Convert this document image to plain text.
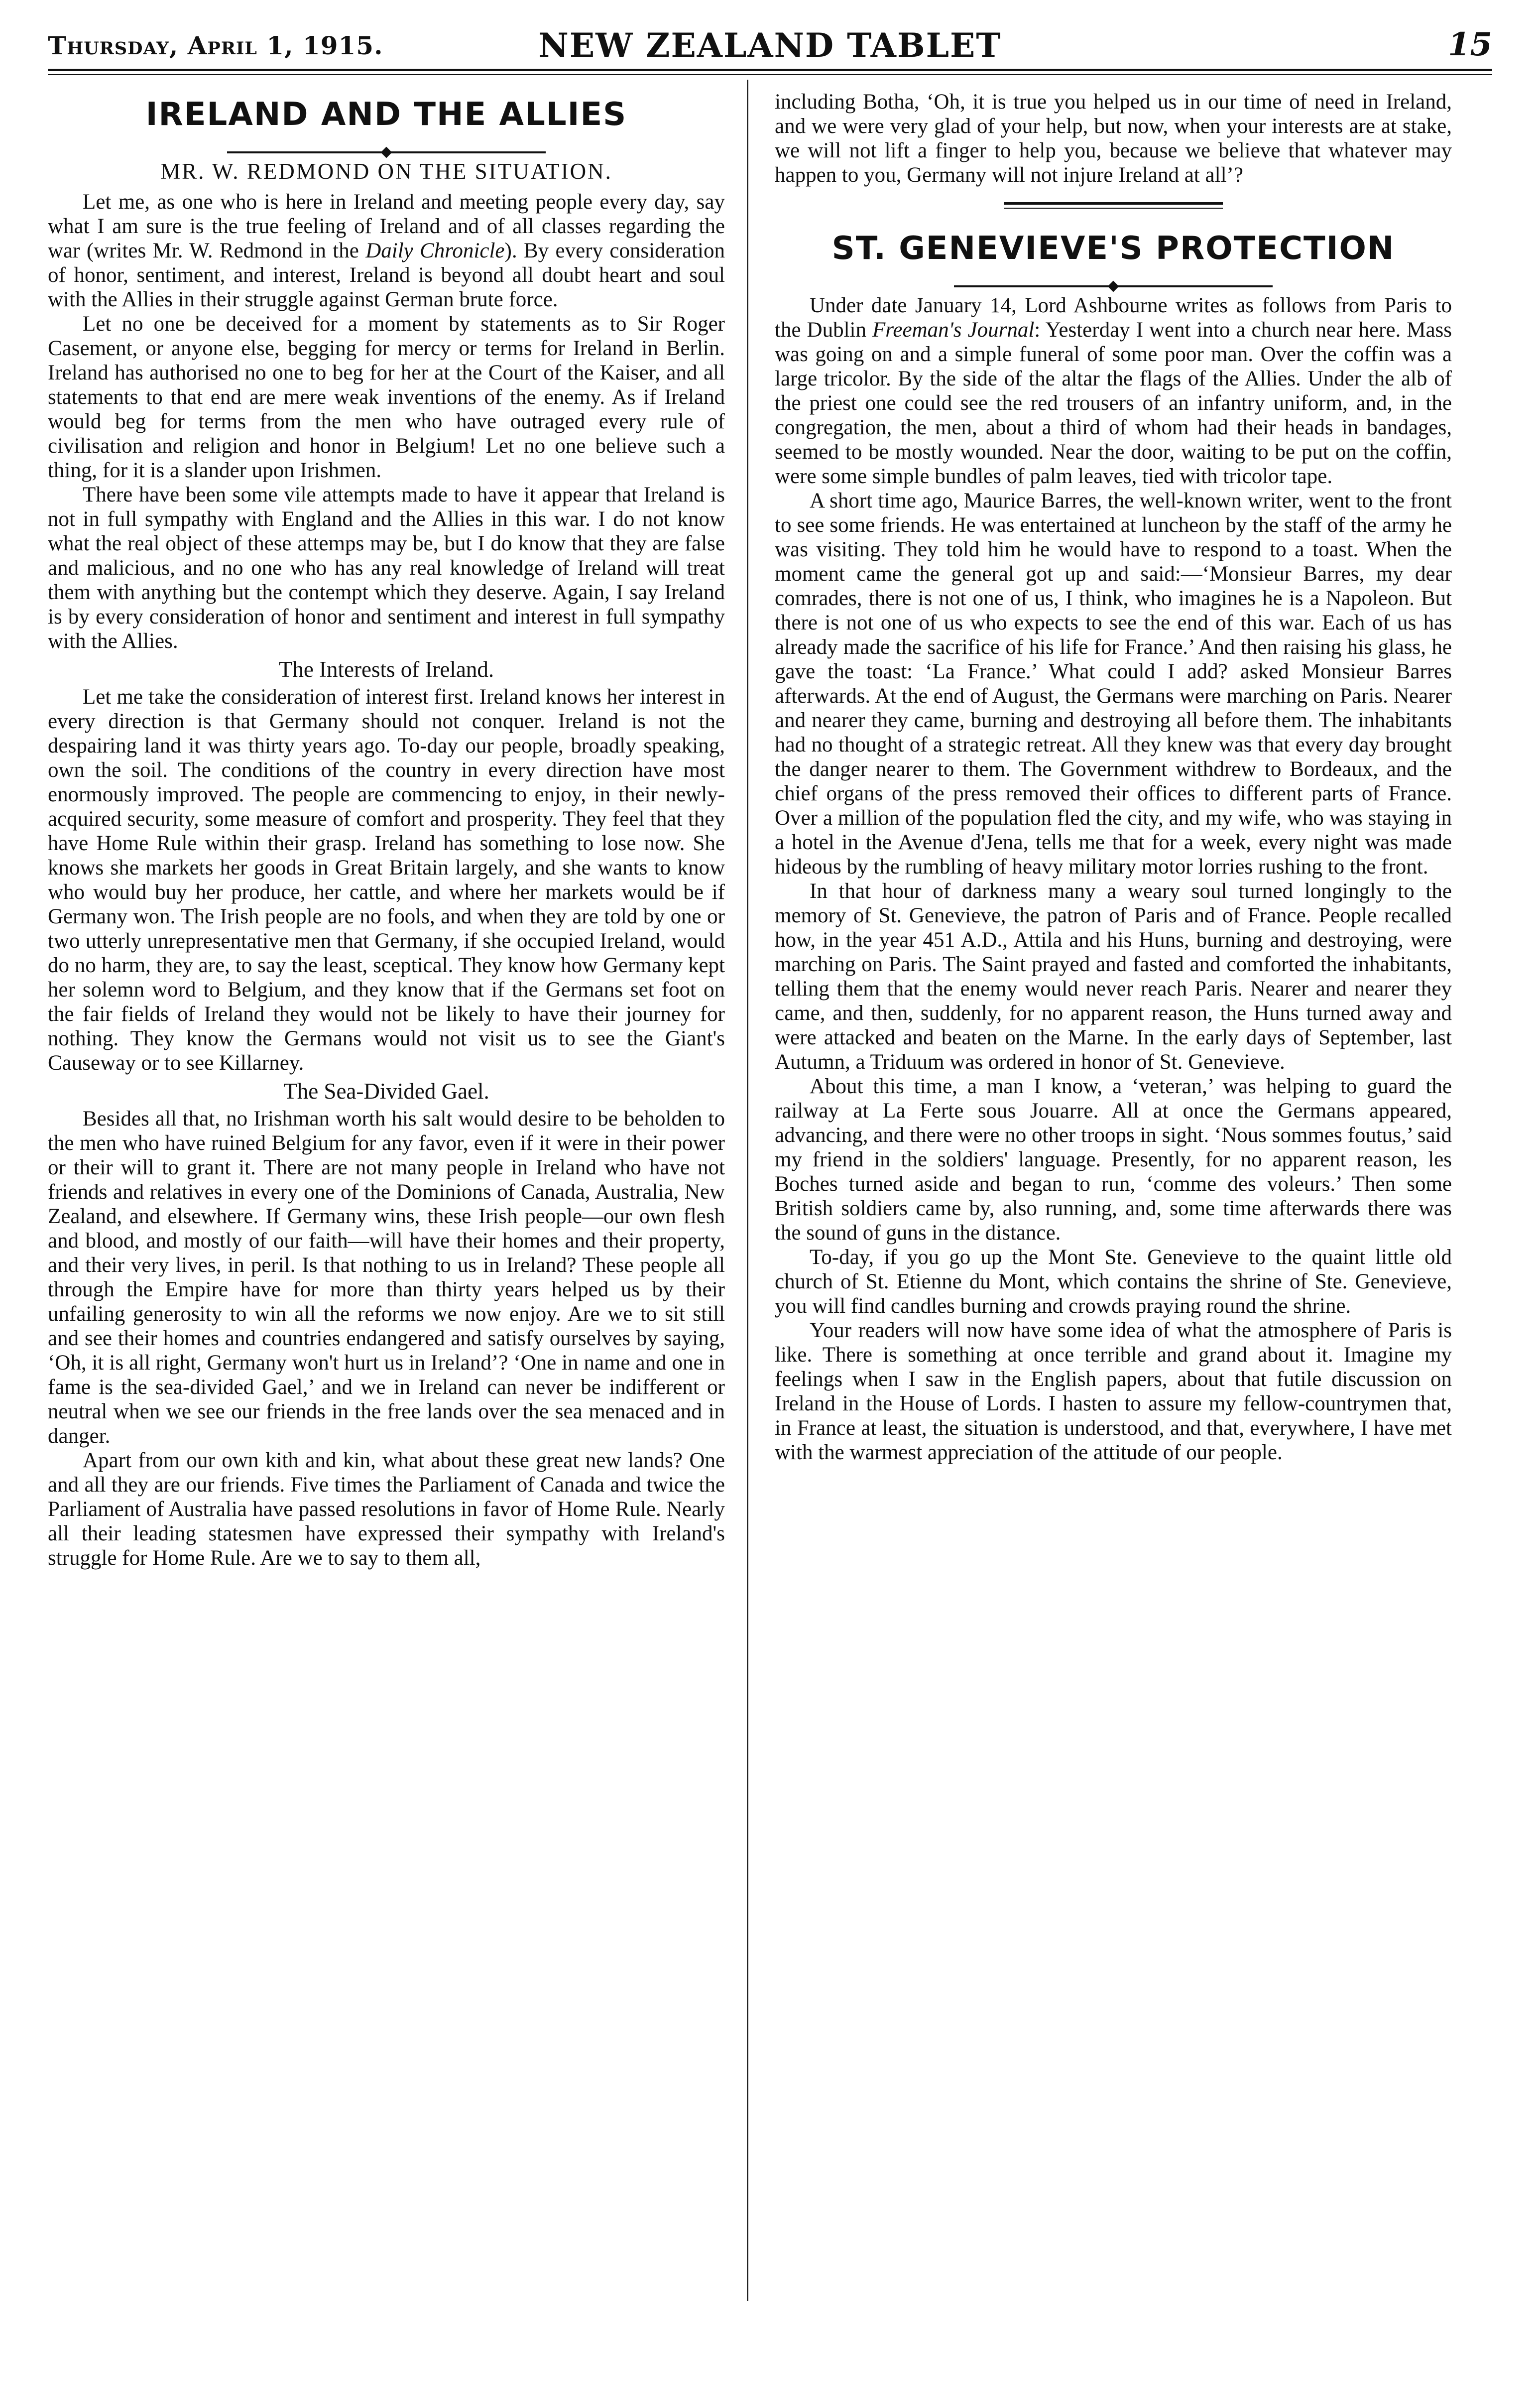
Thursday, April 1, 1915.	NEW ZEALAND TABLET	15
IRELAND AND THE ALLIES
MR. W. REDMOND ON THE SITUATION.

Let me, as one who is here in Ireland and meeting people every day, say what I am sure is the true feeling of Ireland and of all classes regarding the war (writes Mr. W. Redmond in the Daily Chronicle). By every consideration of honor, sentiment, and interest, Ireland is beyond all doubt heart and soul with the Allies in their struggle against German brute force.

Let no one be deceived for a moment by statements as to Sir Roger Casement, or anyone else, begging for mercy or terms for Ireland in Berlin. Ireland has authorised no one to beg for her at the Court of the Kaiser, and all statements to that end are mere weak inventions of the enemy. As if Ireland would beg for terms from the men who have outraged every rule of civilisation and religion and honor in Belgium! Let no one believe such a thing, for it is a slander upon Irishmen.

There have been some vile attempts made to have it appear that Ireland is not in full sympathy with England and the Allies in this war. I do not know what the real object of these attemps may be, but I do know that they are false and malicious, and no one who has any real knowledge of Ireland will treat them with anything but the contempt which they deserve. Again, I say Ireland is by every consideration of honor and sentiment and interest in full sympathy with the Allies.

The Interests of Ireland.

Let me take the consideration of interest first. Ireland knows her interest in every direction is that Germany should not conquer. Ireland is not the despairing land it was thirty years ago. To-day our people, broadly speaking, own the soil. The conditions of the country in every direction have most enormously improved. The people are commencing to enjoy, in their newly-acquired security, some measure of comfort and prosperity. They feel that they have Home Rule within their grasp. Ireland has something to lose now. She knows she markets her goods in Great Britain largely, and she wants to know who would buy her produce, her cattle, and where her markets would be if Germany won. The Irish people are no fools, and when they are told by one or two utterly unrepresentative men that Germany, if she occupied Ireland, would do no harm, they are, to say the least, sceptical. They know how Germany kept her solemn word to Belgium, and they know that if the Germans set foot on the fair fields of Ireland they would not be likely to have their journey for nothing. They know the Germans would not visit us to see the Giant's Causeway or to see Killarney.

The Sea-Divided Gael.

Besides all that, no Irishman worth his salt would desire to be beholden to the men who have ruined Belgium for any favor, even if it were in their power or their will to grant it. There are not many people in Ireland who have not friends and relatives in every one of the Dominions of Canada, Australia, New Zealand, and elsewhere. If Germany wins, these Irish people—our own flesh and blood, and mostly of our faith—will have their homes and their property, and their very lives, in peril. Is that nothing to us in Ireland? These people all through the Empire have for more than thirty years helped us by their unfailing generosity to win all the reforms we now enjoy. Are we to sit still and see their homes and countries endangered and satisfy ourselves by saying, ‘Oh, it is all right, Germany won't hurt us in Ireland’? ‘One in name and one in fame is the sea-divided Gael,’ and we in Ireland can never be indifferent or neutral when we see our friends in the free lands over the sea menaced and in danger.

Apart from our own kith and kin, what about these great new lands? One and all they are our friends. Five times the Parliament of Canada and twice the Parliament of Australia have passed resolutions in favor of Home Rule. Nearly all their leading statesmen have expressed their sympathy with Ireland's struggle for Home Rule. Are we to say to them all,

including Botha, ‘Oh, it is true you helped us in our time of need in Ireland, and we were very glad of your help, but now, when your interests are at stake, we will not lift a finger to help you, because we believe that whatever may happen to you, Germany will not injure Ireland at all’?

ST. GENEVIEVE'S PROTECTION

Under date January 14, Lord Ashbourne writes as follows from Paris to the Dublin Freeman's Journal: Yesterday I went into a church near here. Mass was going on and a simple funeral of some poor man. Over the coffin was a large tricolor. By the side of the altar the flags of the Allies. Under the alb of the priest one could see the red trousers of an infantry uniform, and, in the congregation, the men, about a third of whom had their heads in bandages, seemed to be mostly wounded. Near the door, waiting to be put on the coffin, were some simple bundles of palm leaves, tied with tricolor tape.

A short time ago, Maurice Barres, the well-known writer, went to the front to see some friends. He was entertained at luncheon by the staff of the army he was visiting. They told him he would have to respond to a toast. When the moment came the general got up and said:—‘Monsieur Barres, my dear comrades, there is not one of us, I think, who imagines he is a Napoleon. But there is not one of us who expects to see the end of this war. Each of us has already made the sacrifice of his life for France.’ And then raising his glass, he gave the toast: ‘La France.’ What could I add? asked Monsieur Barres afterwards. At the end of August, the Germans were marching on Paris. Nearer and nearer they came, burning and destroying all before them. The inhabitants had no thought of a strategic retreat. All they knew was that every day brought the danger nearer to them. The Government withdrew to Bordeaux, and the chief organs of the press removed their offices to different parts of France. Over a million of the population fled the city, and my wife, who was staying in a hotel in the Avenue d'Jena, tells me that for a week, every night was made hideous by the rumbling of heavy military motor lorries rushing to the front.

In that hour of darkness many a weary soul turned longingly to the memory of St. Genevieve, the patron of Paris and of France. People recalled how, in the year 451 A.D., Attila and his Huns, burning and destroying, were marching on Paris. The Saint prayed and fasted and comforted the inhabitants, telling them that the enemy would never reach Paris. Nearer and nearer they came, and then, suddenly, for no apparent reason, the Huns turned away and were attacked and beaten on the Marne. In the early days of September, last Autumn, a Triduum was ordered in honor of St. Genevieve.

About this time, a man I know, a ‘veteran,’ was helping to guard the railway at La Ferte sous Jouarre. All at once the Germans appeared, advancing, and there were no other troops in sight. ‘Nous sommes foutus,’ said my friend in the soldiers' language. Presently, for no apparent reason, les Boches turned aside and began to run, ‘comme des voleurs.’ Then some British soldiers came by, also running, and, some time afterwards there was the sound of guns in the distance.

To-day, if you go up the Mont Ste. Genevieve to the quaint little old church of St. Etienne du Mont, which contains the shrine of Ste. Genevieve, you will find candles burning and crowds praying round the shrine.

Your readers will now have some idea of what the atmosphere of Paris is like. There is something at once terrible and grand about it. Imagine my feelings when I saw in the English papers, about that futile discussion on Ireland in the House of Lords. I hasten to assure my fellow-countrymen that, in France at least, the situation is understood, and that, everywhere, I have met with the warmest appreciation of the attitude of our people.
